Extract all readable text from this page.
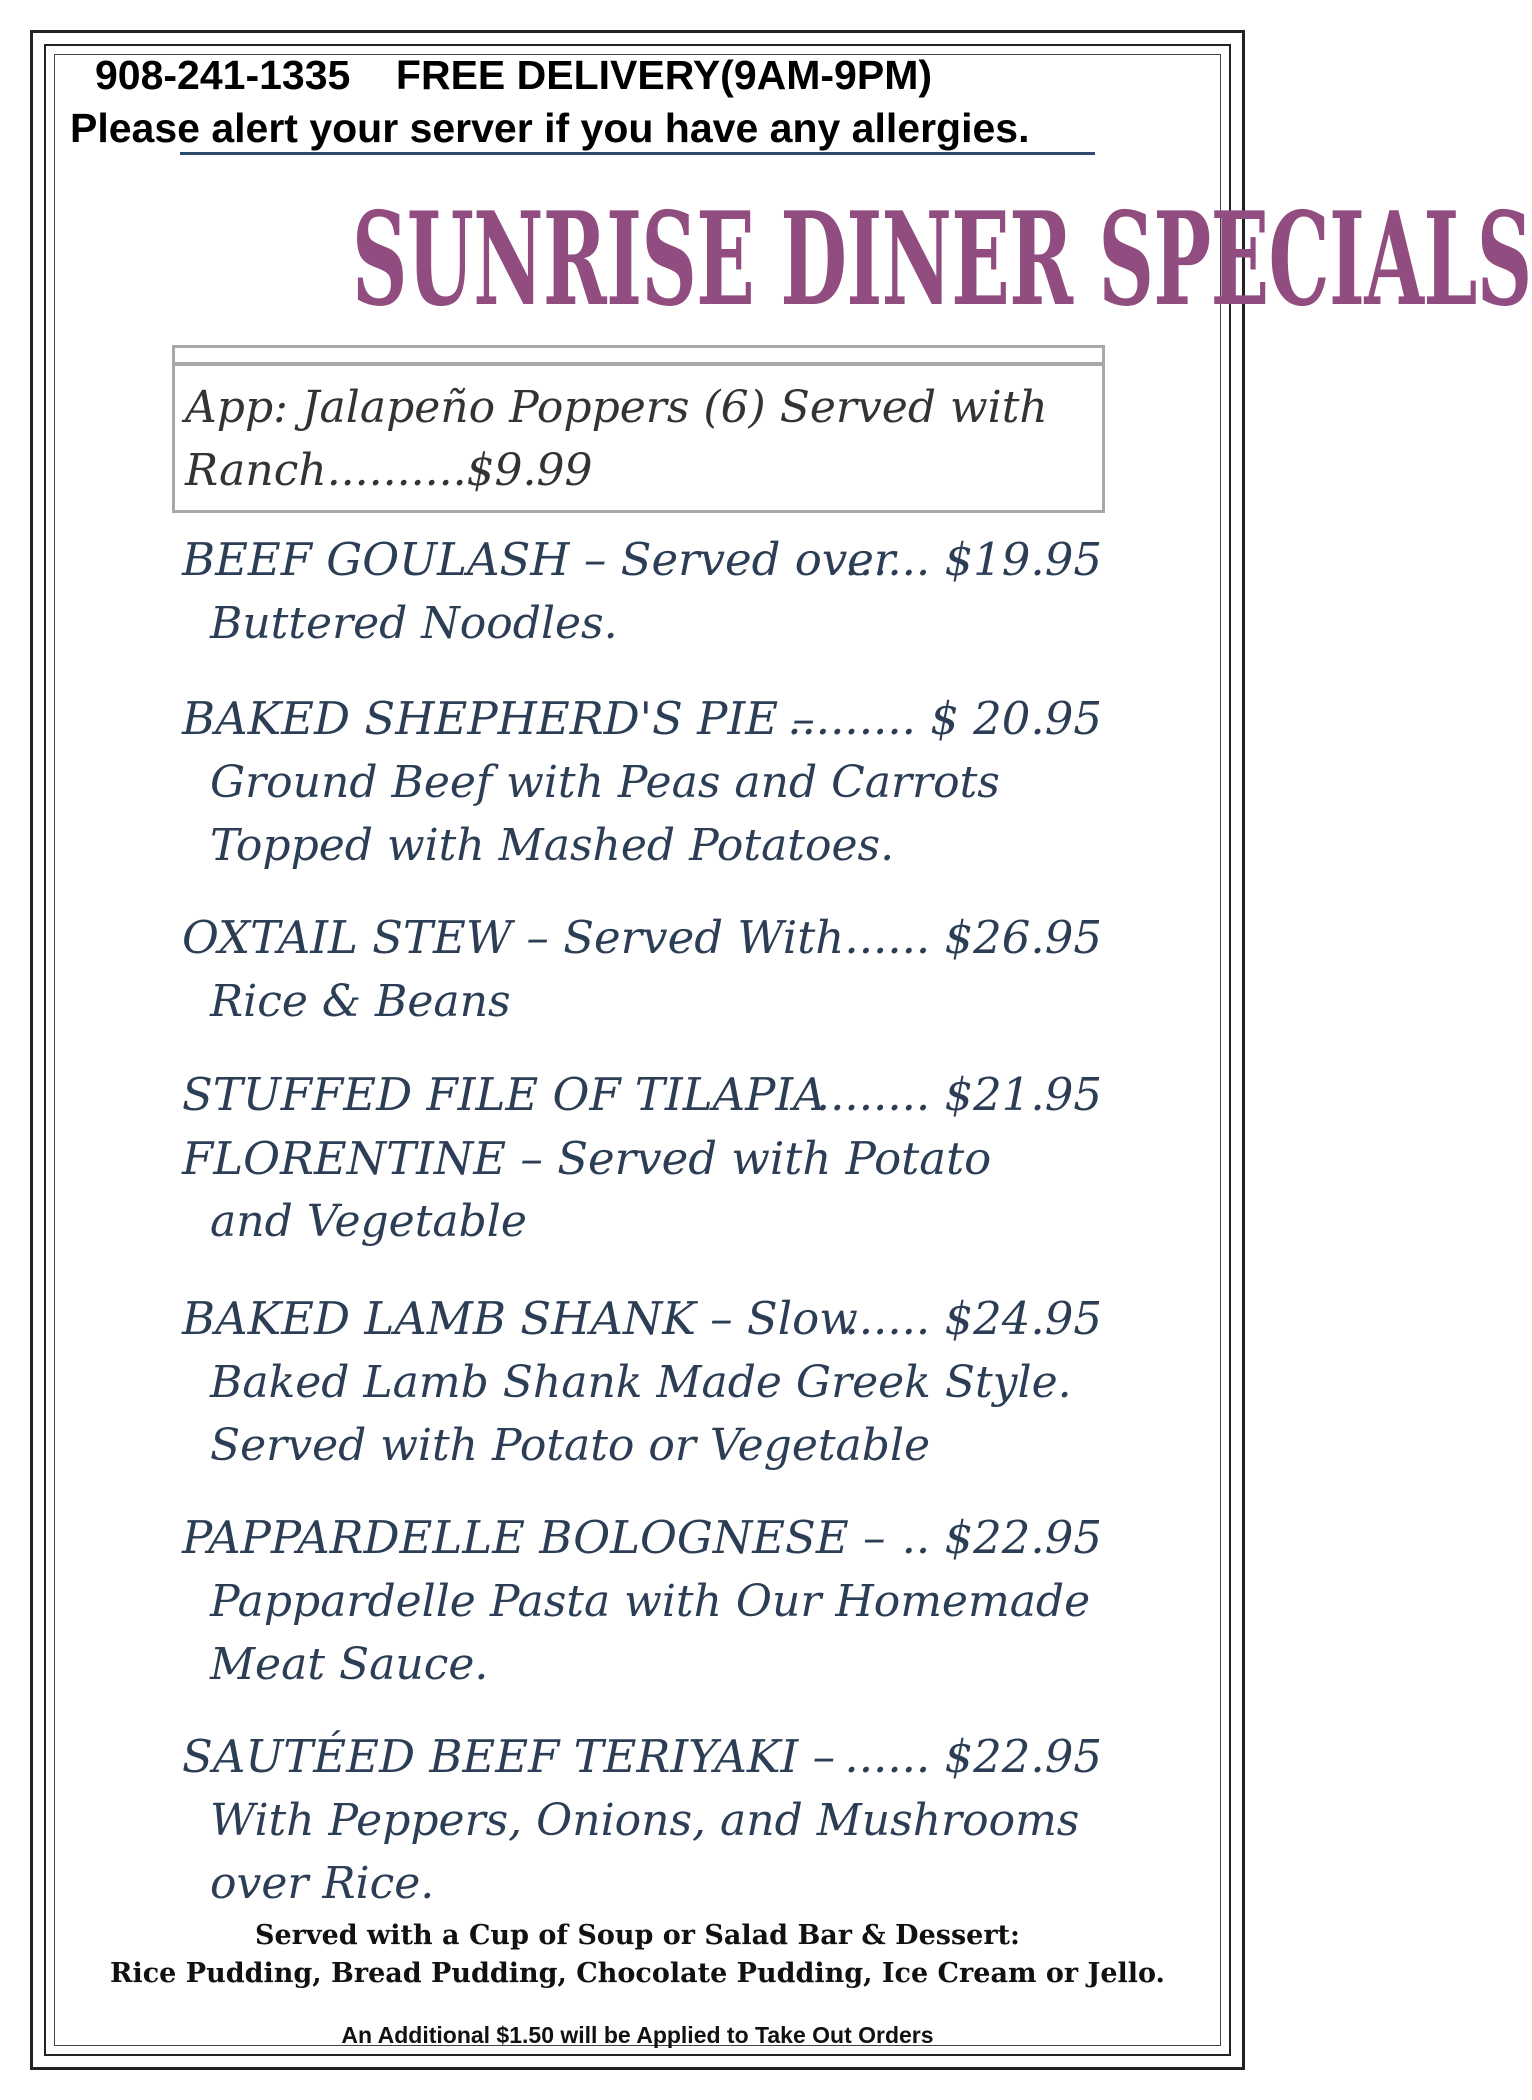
908-241-1335 FREE DELIVERY(9AM-9PM)
Please alert your server if you have any allergies.
SUNRISE DINER SPECIALS
App: Jalapeño Poppers (6) Served with
Ranch..........$9.99
BEEF GOULASH – Served over
...... $19.95
Buttered Noodles.
BAKED SHEPHERD'S PIE –
......... $ 20.95
Ground Beef with Peas and Carrots
Topped with Mashed Potatoes.
OXTAIL STEW – Served With ...... $26.95
Rice & Beans
STUFFED FILE OF TILAPIA
........ $21.95
FLORENTINE – Served with Potato
and Vegetable
BAKED LAMB SHANK – Slow
...... $24.95
Baked Lamb Shank Made Greek Style.
Served with Potato or Vegetable
PAPPARDELLE BOLOGNESE – .. $22.95
Pappardelle Pasta with Our Homemade
Meat Sauce.
SAUTÉED BEEF TERIYAKI – ...... $22.95
With Peppers, Onions, and Mushrooms
over Rice.
Served with a Cup of Soup or Salad Bar & Dessert:
Rice Pudding, Bread Pudding, Chocolate Pudding, Ice Cream or Jello.
An Additional $1.50 will be Applied to Take Out Orders
